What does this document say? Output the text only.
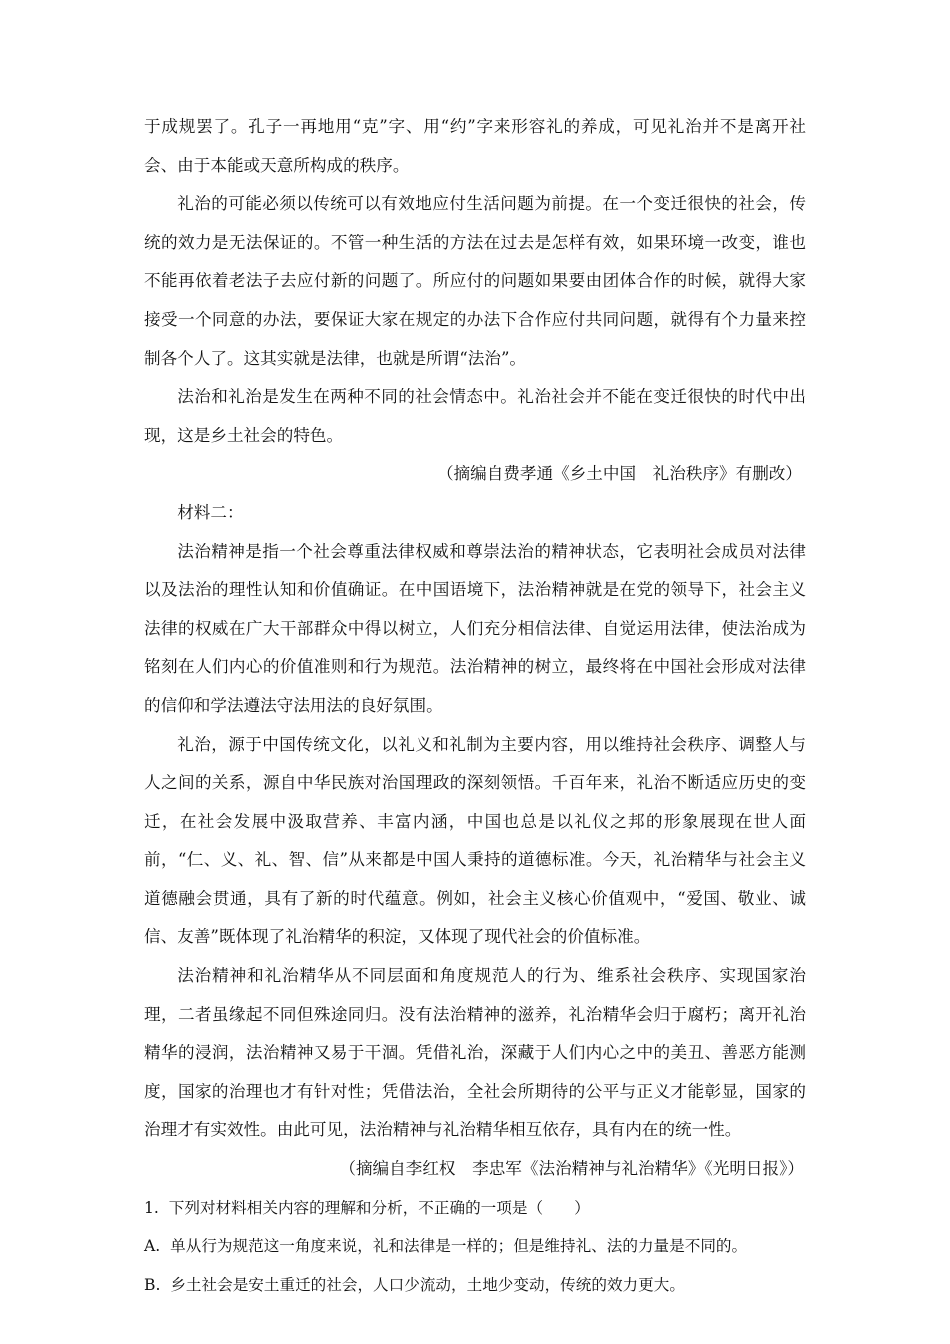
于成规罢了。孔子一再地用“克”字、用“约”字来形容礼的养成，可见礼治并不是离开社会、由于本能或天意所构成的秩序。

礼治的可能必须以传统可以有效地应付生活问题为前提。在一个变迁很快的社会，传统的效力是无法保证的。不管一种生活的方法在过去是怎样有效，如果环境一改变，谁也不能再依着老法子去应付新的问题了。所应付的问题如果要由团体合作的时候，就得大家接受一个同意的办法，要保证大家在规定的办法下合作应付共同问题，就得有个力量来控制各个人了。这其实就是法律，也就是所谓“法治”。

法治和礼治是发生在两种不同的社会情态中。礼治社会并不能在变迁很快的时代中出现，这是乡土社会的特色。

（摘编自费孝通《乡土中国　礼治秩序》有删改）

材料二：

法治精神是指一个社会尊重法律权威和尊崇法治的精神状态，它表明社会成员对法律以及法治的理性认知和价值确证。在中国语境下，法治精神就是在党的领导下，社会主义法律的权威在广大干部群众中得以树立，人们充分相信法律、自觉运用法律，使法治成为铭刻在人们内心的价值准则和行为规范。法治精神的树立，最终将在中国社会形成对法律的信仰和学法遵法守法用法的良好氛围。

礼治，源于中国传统文化，以礼义和礼制为主要内容，用以维持社会秩序、调整人与人之间的关系，源自中华民族对治国理政的深刻领悟。千百年来，礼治不断适应历史的变迁，在社会发展中汲取营养、丰富内涵，中国也总是以礼仪之邦的形象展现在世人面前，“仁、义、礼、智、信”从来都是中国人秉持的道德标准。今天，礼治精华与社会主义道德融会贯通，具有了新的时代蕴意。例如，社会主义核心价值观中，“爱国、敬业、诚信、友善”既体现了礼治精华的积淀，又体现了现代社会的价值标准。

法治精神和礼治精华从不同层面和角度规范人的行为、维系社会秩序、实现国家治理，二者虽缘起不同但殊途同归。没有法治精神的滋养，礼治精华会归于腐朽；离开礼治精华的浸润，法治精神又易于干涸。凭借礼治，深藏于人们内心之中的美丑、善恶方能测度，国家的治理也才有针对性；凭借法治，全社会所期待的公平与正义才能彰显，国家的治理才有实效性。由此可见，法治精神与礼治精华相互依存，具有内在的统一性。

（摘编自李红权　李忠军《法治精神与礼治精华》《光明日报》）

1.  下列对材料相关内容的理解和分析，不正确的一项是（　　）

A.  单从行为规范这一角度来说，礼和法律是一样的；但是维持礼、法的力量是不同的。

B.  乡土社会是安土重迁的社会，人口少流动，土地少变动，传统的效力更大。
